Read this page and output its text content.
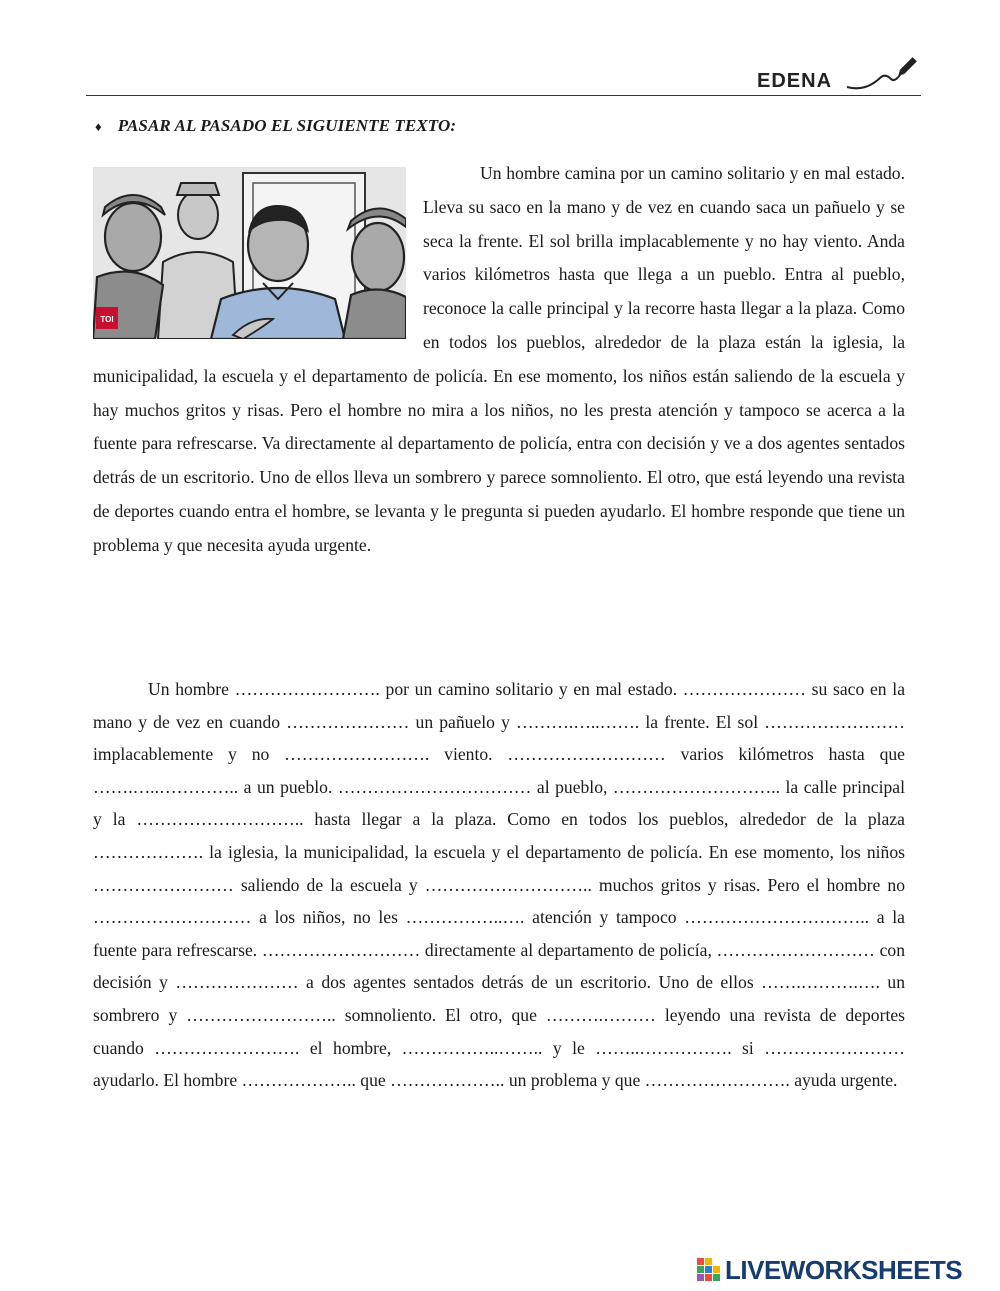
EDENA
♦ PASAR AL PASADO EL SIGUIENTE TEXTO:

TOI
Un hombre camina por un camino solitario y en mal estado. Lleva su saco en la mano y de vez en cuando saca un pañuelo y se seca la frente. El sol brilla implacablemente y no hay viento. Anda varios kilómetros hasta que llega a un pueblo. Entra al pueblo, reconoce la calle principal y la recorre hasta llegar a la plaza. Como en todos los pueblos, alrededor de la plaza están la iglesia, la municipalidad, la escuela y el departamento de policía. En ese momento, los niños están saliendo de la escuela y hay muchos gritos y risas. Pero el hombre no mira a los niños, no les presta atención y tampoco se acerca a la fuente para refrescarse. Va directamente al departamento de policía, entra con decisión y ve a dos agentes sentados detrás de un escritorio. Uno de ellos lleva un sombrero y parece somnoliento. El otro, que está leyendo una revista de deportes cuando entra el hombre, se levanta y le pregunta si pueden ayudarlo. El hombre responde que tiene un problema y que necesita ayuda urgente.

Un hombre ……………………. por un camino solitario y en mal estado. ………………… su saco en la mano y de vez en cuando ………………… un pañuelo y ……….…..……. la frente. El sol …………………… implacablemente y no ……………………. viento. ……………………… varios kilómetros hasta que …….…..………….. a un pueblo. …………………………… al pueblo, ……………………….. la calle principal y la ……………………….. hasta llegar a la plaza. Como en todos los pueblos, alrededor de la plaza ………………. la iglesia, la municipalidad, la escuela y el departamento de policía. En ese momento, los niños …………………… saliendo de la escuela y ……………………….. muchos gritos y risas. Pero el hombre no ……………………… a los niños, no les ……………..…. atención y tampoco ………………………….. a la fuente para refrescarse. ……………………… directamente al departamento de policía, ……………………… con decisión y ………………… a dos agentes sentados detrás de un escritorio. Uno de ellos …….……….…. un sombrero y …………………….. somnoliento. El otro, que ……….……… leyendo una revista de deportes cuando ……………………. el hombre, ……………..…….. y le ……..……………. si …………………… ayudarlo. El hombre ……………….. que ……………….. un problema y que ……………………. ayuda urgente.

LIVEWORKSHEETS
